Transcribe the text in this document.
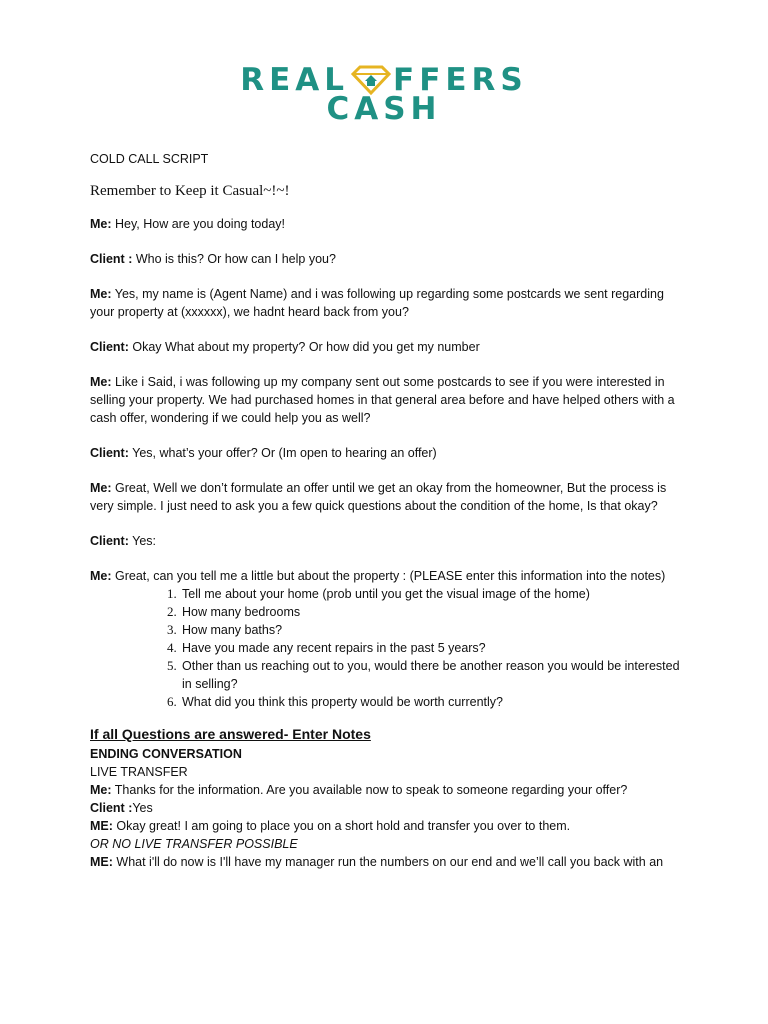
REAL FFERS
CASH

COLD CALL SCRIPT

Remember to Keep it Casual~!~!

Me: Hey, How are you doing today!

Client : Who is this? Or how can I help you?

Me: Yes, my name is (Agent Name) and i was following up regarding some postcards we sent regarding your property at (xxxxxx), we hadnt heard back from you?

Client: Okay What about my property? Or how did you get my number

Me: Like i Said, i was following up my company sent out some postcards to see if you were interested in selling your property. We had purchased homes in that general area before and have helped others with a cash offer, wondering if we could help you as well?

Client: Yes, what’s your offer? Or (Im open to hearing an offer)

Me: Great, Well we don’t formulate an offer until we get an okay from the homeowner, But the process is very simple. I just need to ask you a few quick questions about the condition of the home, Is that okay?

Client: Yes:

Me: Great, can you tell me a little but about the property : (PLEASE enter this information into the notes)

1. Tell me about your home (prob until you get the visual image of the home)
2. How many bedrooms
3. How many baths?
4. Have you made any recent repairs in the past 5 years?
5. Other than us reaching out to you, would there be another reason you would be interested in selling?
6. What did you think this property would be worth currently?

If all Questions are answered- Enter Notes

ENDING CONVERSATION

LIVE TRANSFER

Me: Thanks for the information. Are you available now to speak to someone regarding your offer?

Client :Yes

ME: Okay great! I am going to place you on a short hold and transfer you over to them.

OR NO LIVE TRANSFER POSSIBLE

ME: What i'll do now is I'll have my manager run the numbers on our end and we’ll call you back with an
